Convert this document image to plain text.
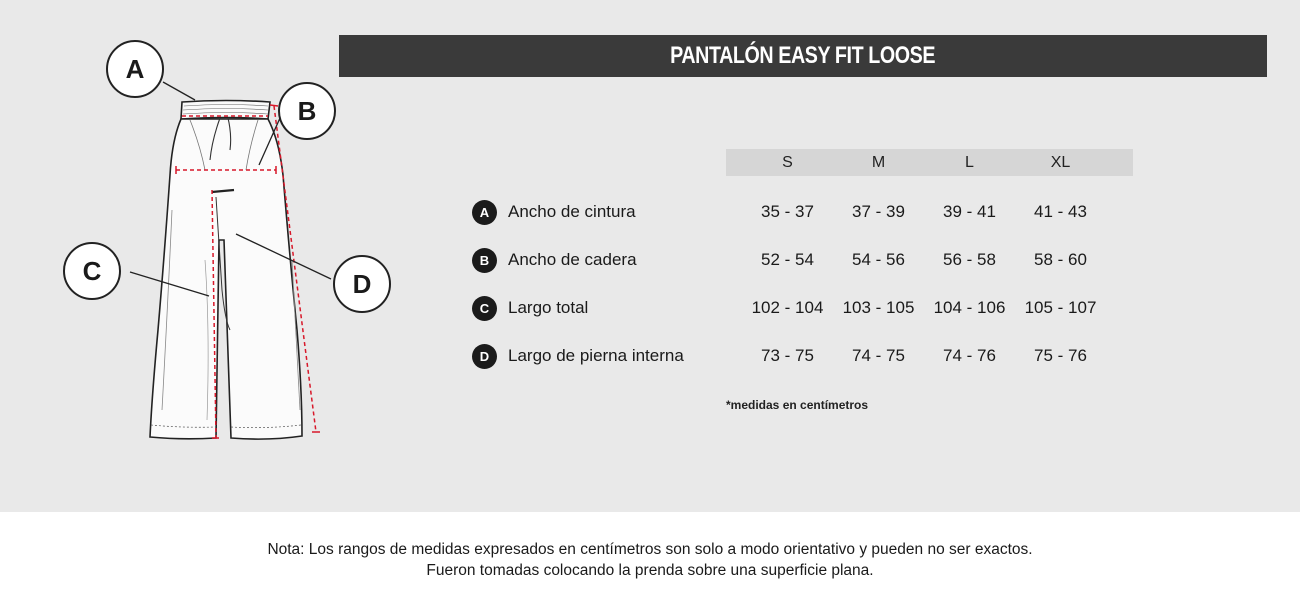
PANTALÓN EASY FIT LOOSE
A
B
C	D
S	M	L	XL
A	Ancho de cintura	35 - 37	37 - 39	39 - 41	41 - 43
B	Ancho de cadera	52 - 54	54 - 56	56 - 58	58 - 60
C	Largo total	102 - 104	103 - 105	104 - 106	105 - 107
D	Largo de pierna interna	73 - 75	74 - 75	74 - 76	75 - 76
*medidas en centímetros
Nota: Los rangos de medidas expresados en centímetros son solo a modo orientativo y pueden no ser exactos.
Fueron tomadas colocando la prenda sobre una superficie plana.
